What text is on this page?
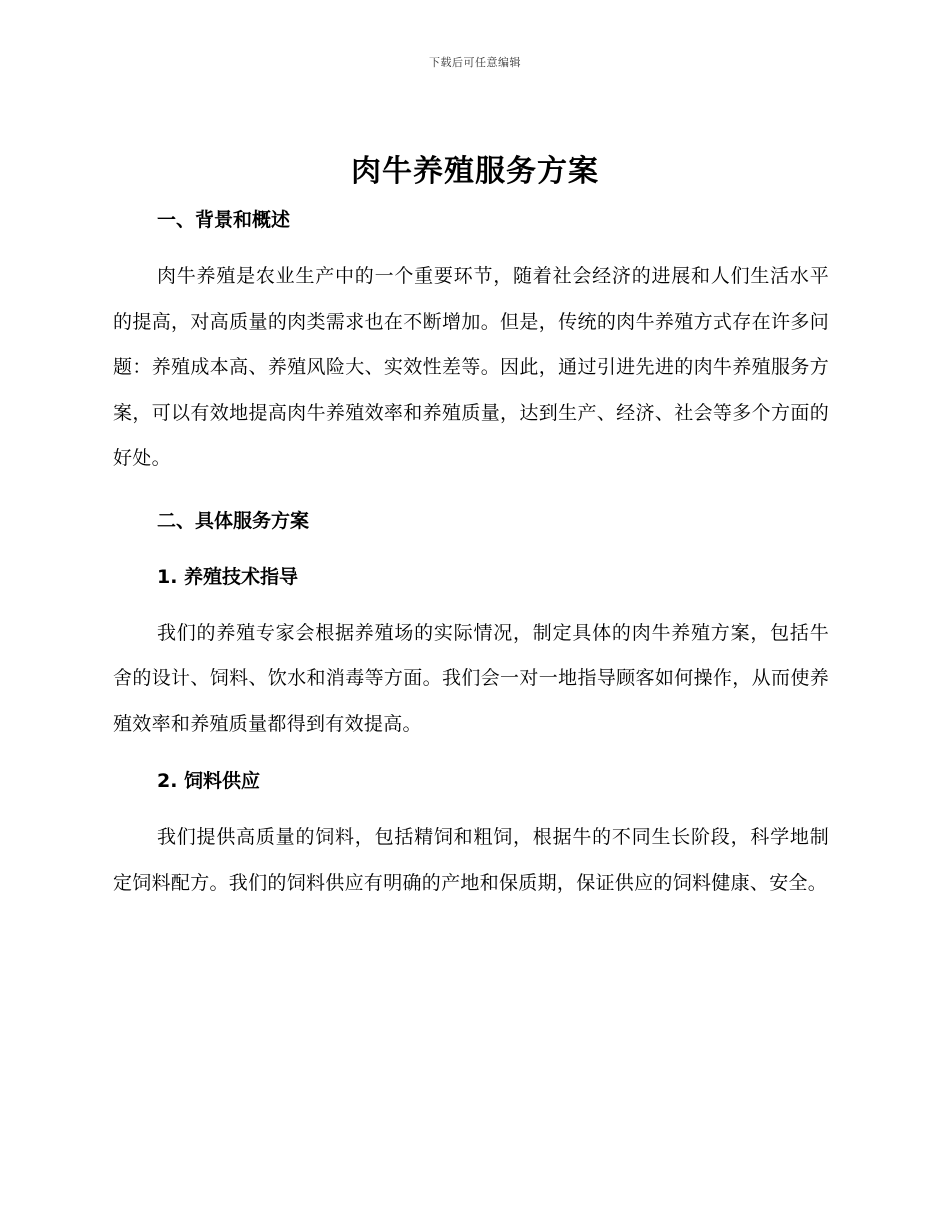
下载后可任意编辑
肉牛养殖服务方案
一、背景和概述

肉牛养殖是农业生产中的一个重要环节，随着社会经济的进展和人们生活水平的提高，对高质量的肉类需求也在不断增加。但是，传统的肉牛养殖方式存在许多问题：养殖成本高、养殖风险大、实效性差等。因此，通过引进先进的肉牛养殖服务方案，可以有效地提高肉牛养殖效率和养殖质量，达到生产、经济、社会等多个方面的好处。

二、具体服务方案
1. 养殖技术指导

我们的养殖专家会根据养殖场的实际情况，制定具体的肉牛养殖方案，包括牛舍的设计、饲料、饮水和消毒等方面。我们会一对一地指导顾客如何操作，从而使养殖效率和养殖质量都得到有效提高。

2. 饲料供应

我们提供高质量的饲料，包括精饲和粗饲，根据牛的不同生长阶段，科学地制定饲料配方。我们的饲料供应有明确的产地和保质期，保证供应的饲料健康、安全。
